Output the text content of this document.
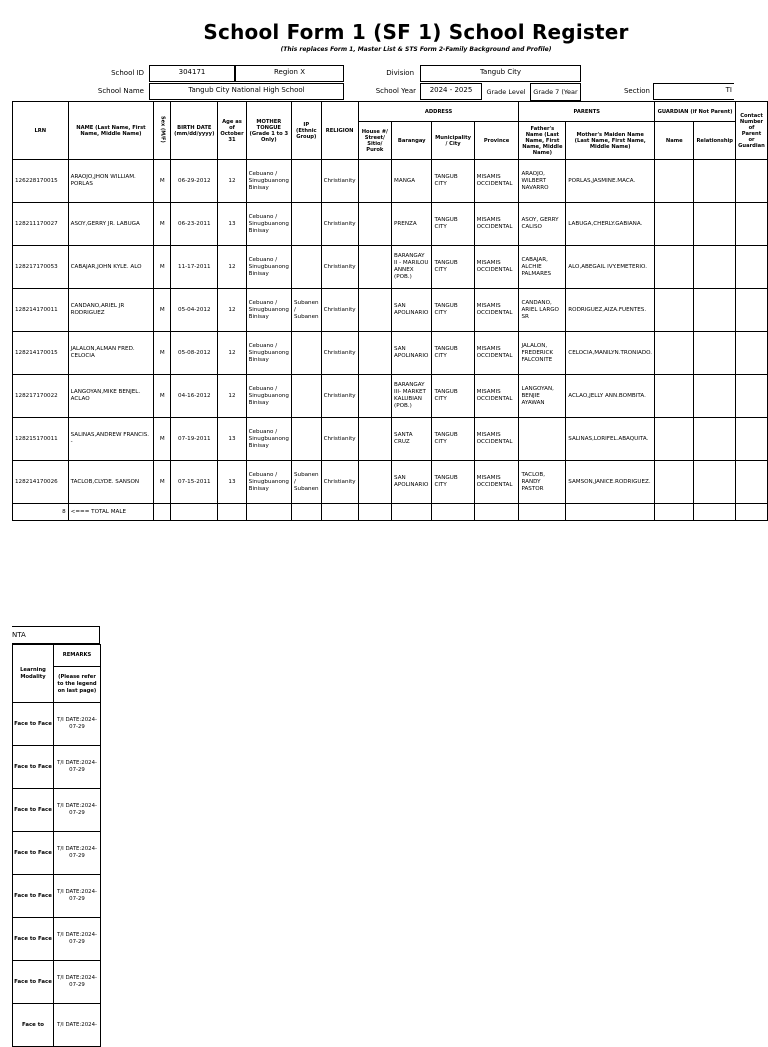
School Form 1 (SF 1) School Register
(This replaces Form 1, Master List & STS Form 2-Family Background and Profile)
School ID	304171	Region X	Division	Tangub City
School Name	Tangub City National High School	School Year	2024 - 2025	Grade Level	Grade 7 (Year	Section	TI
LRN	NAME (Last Name, First Name, Middle Name)	Sex (M/F)	BIRTH DATE (mm/dd/yyyy)	Age as of October 31	MOTHER TONGUE (Grade 1 to 3 Only)	IP (Ethnic Group)	RELIGION	ADDRESS				PARENTS		GUARDIAN (if Not Parent)		Contact Number of Parent or Guardian
								House #/ Street/ Sitio/ Purok	Barangay	Municipality / City	Province	Father's Name (Last Name, First Name, Middle Name)	Mother's Maiden Name (Last Name, First Name, Middle Name)	Name	Relationship	
126228170015	ARAOJO,JHON WILLIAM. PORLAS	M	06-29-2012	12	Cebuano / Sinugbuanong Binisay		Christianity		MANGA	TANGUB CITY	MISAMIS OCCIDENTAL	ARAOJO, WILBERT NAVARRO	PORLAS,JASMINE.MACA.			
128211170027	ASOY,GERRY JR. LABUGA	M	06-23-2011	13	Cebuano / Sinugbuanong Binisay		Christianity		PRENZA	TANGUB CITY	MISAMIS OCCIDENTAL	ASOY, GERRY CALISO	LABUGA,CHERLY.GABIANA.			
128217170053	CABAJAR,JOHN KYLE. ALO	M	11-17-2011	12	Cebuano / Sinugbuanong Binisay		Christianity		BARANGAY II - MARILOU ANNEX (POB.)	TANGUB CITY	MISAMIS OCCIDENTAL	CABAJAR, ALCHIE PALMARES	ALO,ABEGAIL IVY.EMETERIO.			
128214170011	CANDANO,ARIEL JR RODRIGUEZ	M	05-04-2012	12	Cebuano / Sinugbuanong Binisay	Subanen / Subanen	Christianity		SAN APOLINARIO	TANGUB CITY	MISAMIS OCCIDENTAL	CANDANO, ARIEL LARGO SR	RODRIGUEZ,AIZA.FUENTES.			
128214170015	JALALON,ALMAN FRED. CELOCIA	M	05-08-2012	12	Cebuano / Sinugbuanong Binisay		Christianity		SAN APOLINARIO	TANGUB CITY	MISAMIS OCCIDENTAL	JALALON, FREDERICK FALCONITE	CELOCIA,MANILYN.TRONIADO.			
128217170022	LANGOYAN,MIKE BENJEL. ACLAO	M	04-16-2012	12	Cebuano / Sinugbuanong Binisay		Christianity		BARANGAY III- MARKET KALUBIAN (POB.)	TANGUB CITY	MISAMIS OCCIDENTAL	LANGOYAN, BENJIE AYAWAN	ACLAO,JELLY ANN.BOMBITA.			
128215170011	SALINAS,ANDREW FRANCIS. -	M	07-19-2011	13	Cebuano / Sinugbuanong Binisay		Christianity		SANTA CRUZ	TANGUB CITY	MISAMIS OCCIDENTAL		SALINAS,LORIFEL.ABAQUITA.			
128214170026	TACLOB,CLYDE. SANSON	M	07-15-2011	13	Cebuano / Sinugbuanong Binisay	Subanen / Subanen	Christianity		SAN APOLINARIO	TANGUB CITY	MISAMIS OCCIDENTAL	TACLOB, RANDY PASTOR	SAMSON,JANICE.RODRIGUEZ.			
8	<=== TOTAL MALE															
NTA
Learning Modality	REMARKS
	(Please refer to the legend on last page)
Face to Face	T/I DATE:2024-07-29
Face to Face	T/I DATE:2024-07-29
Face to Face	T/I DATE:2024-07-29
Face to Face	T/I DATE:2024-07-29
Face to Face	T/I DATE:2024-07-29
Face to Face	T/I DATE:2024-07-29
Face to Face	T/I DATE:2024-07-29
Face to	T/I DATE:2024-
